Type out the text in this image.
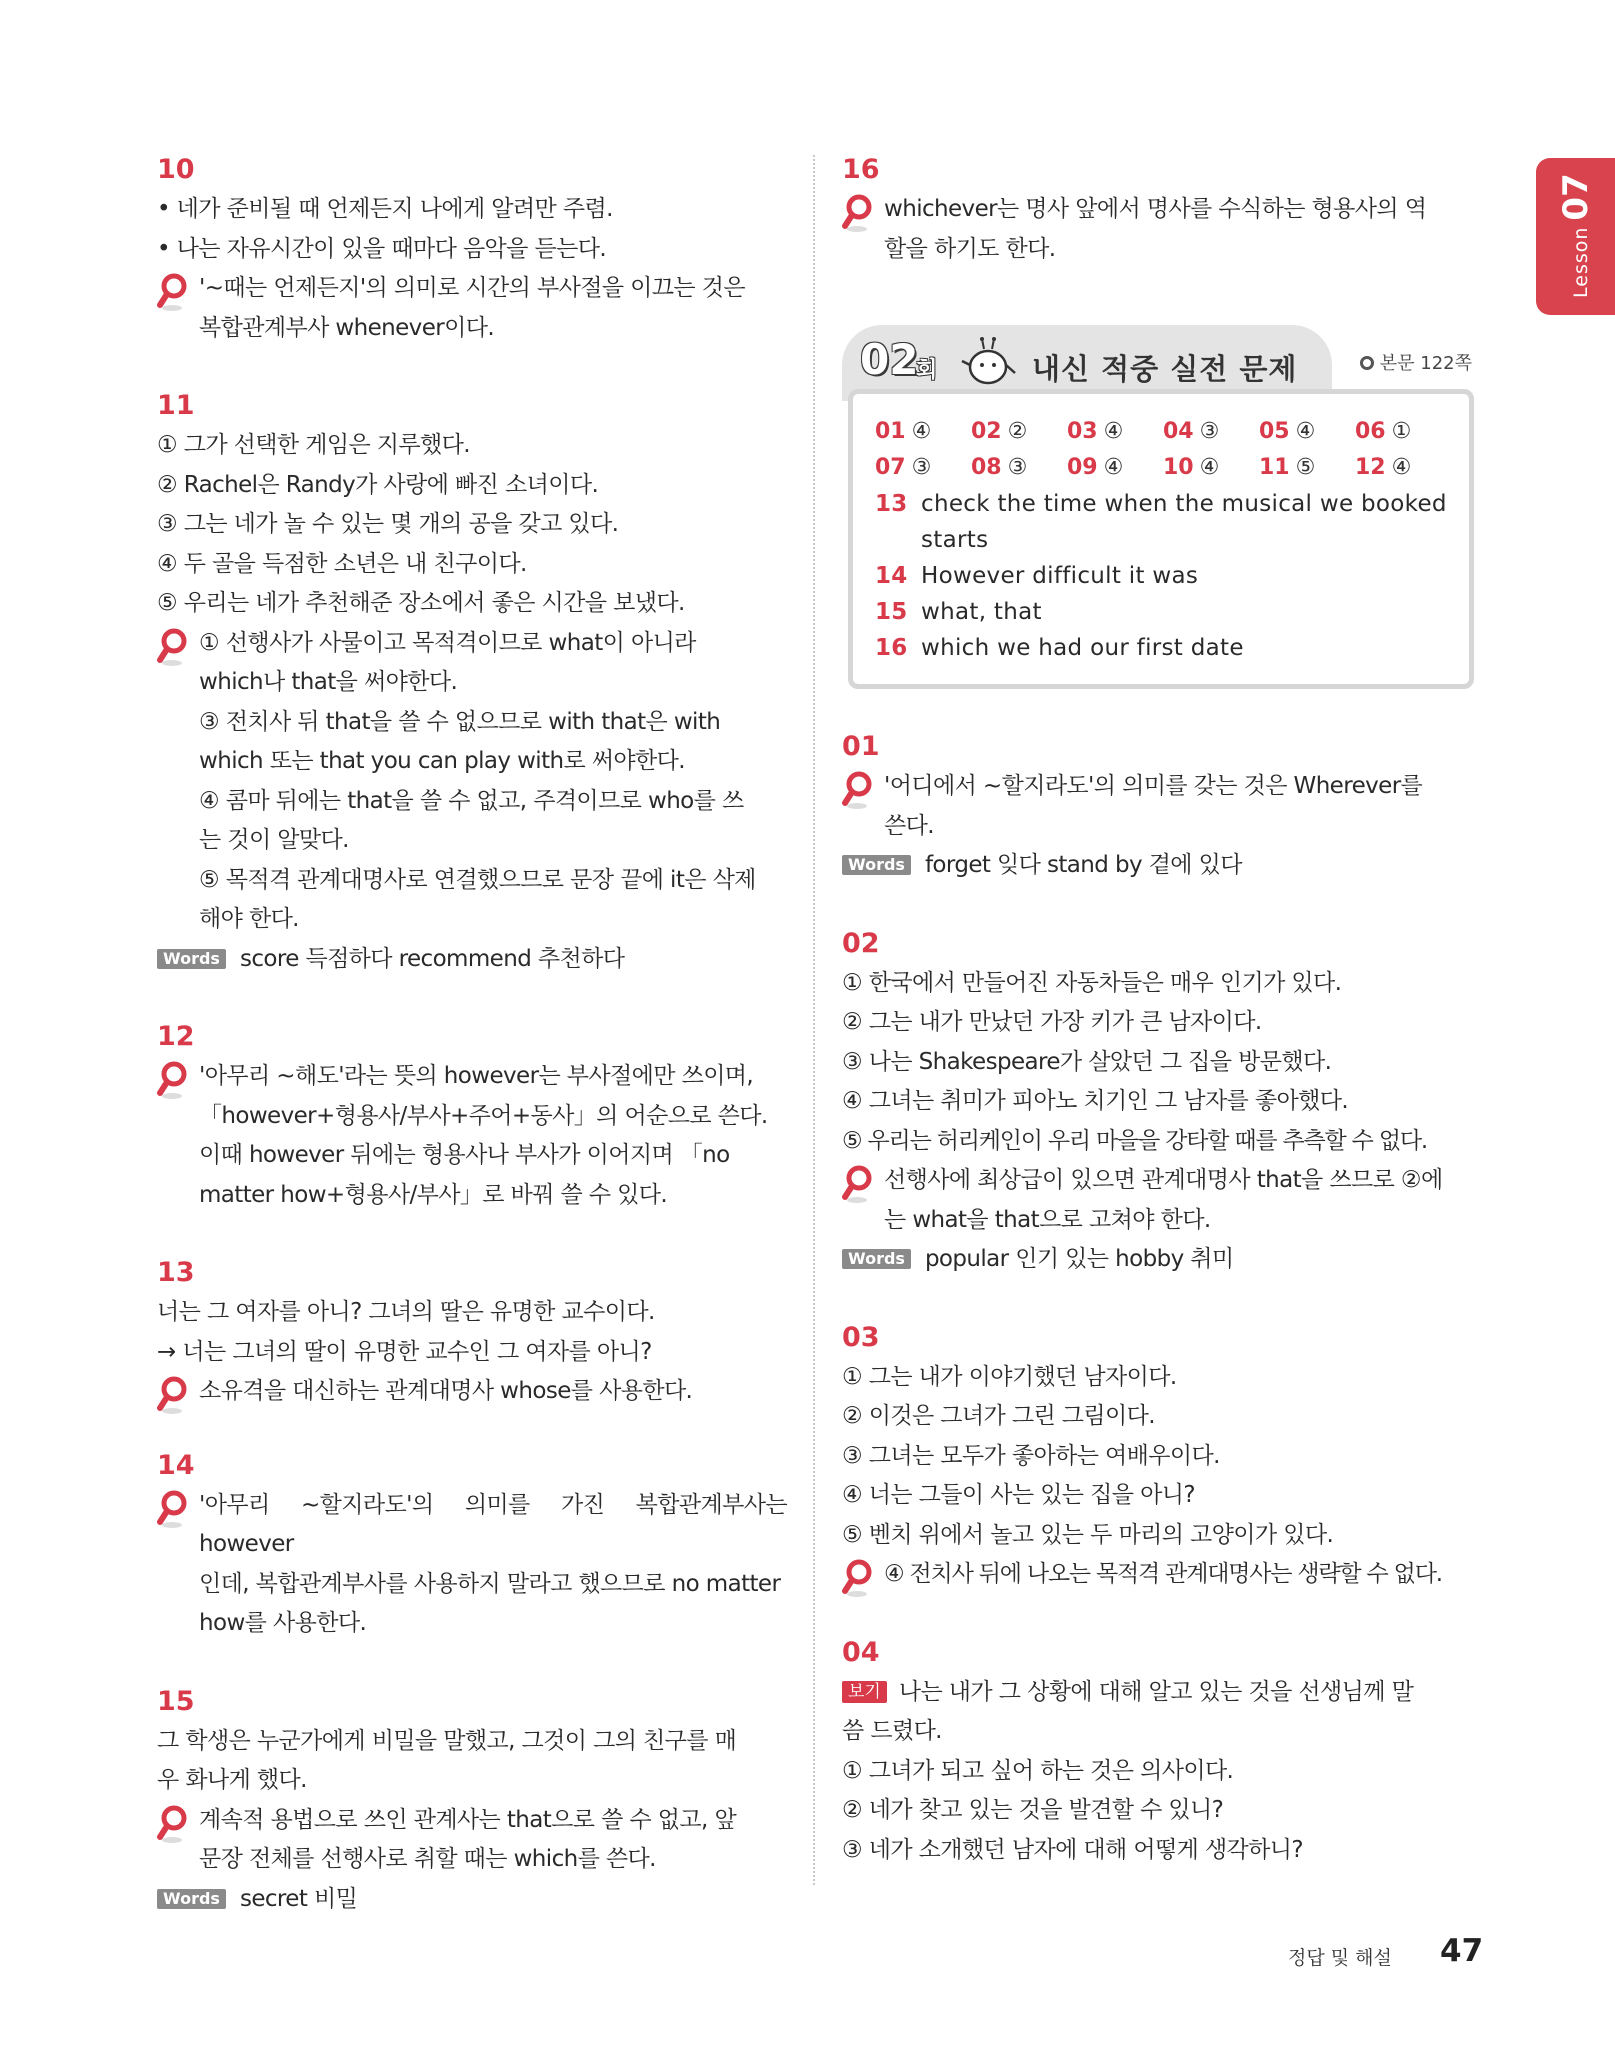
Lesson07
10
• 네가 준비될 때 언제든지 나에게 알려만 주렴.
• 나는 자유시간이 있을 때마다 음악을 듣는다.
'~때는 언제든지'의 의미로 시간의 부사절을 이끄는 것은
복합관계부사 whenever이다.
11
① 그가 선택한 게임은 지루했다.
② Rachel은 Randy가 사랑에 빠진 소녀이다.
③ 그는 네가 놀 수 있는 몇 개의 공을 갖고 있다.
④ 두 골을 득점한 소년은 내 친구이다.
⑤ 우리는 네가 추천해준 장소에서 좋은 시간을 보냈다.
① 선행사가 사물이고 목적격이므로 what이 아니라
which나 that을 써야한다.
③ 전치사 뒤 that을 쓸 수 없으므로 with that은 with
which 또는 that you can play with로 써야한다.
④ 콤마 뒤에는 that을 쓸 수 없고, 주격이므로 who를 쓰
는 것이 알맞다.
⑤ 목적격 관계대명사로 연결했으므로 문장 끝에 it은 삭제
해야 한다.
Words score 득점하다 recommend 추천하다
12
'아무리 ~해도'라는 뜻의 however는 부사절에만 쓰이며,
「however+형용사/부사+주어+동사」의 어순으로 쓴다.
이때 however 뒤에는 형용사나 부사가 이어지며 「no
matter how+형용사/부사」로 바꿔 쓸 수 있다.
13
너는 그 여자를 아니? 그녀의 딸은 유명한 교수이다.
→ 너는 그녀의 딸이 유명한 교수인 그 여자를 아니?
소유격을 대신하는 관계대명사 whose를 사용한다.
14
'아무리 ~할지라도'의 의미를 가진 복합관계부사는 however
인데, 복합관계부사를 사용하지 말라고 했으므로 no matter
how를 사용한다.
15
그 학생은 누군가에게 비밀을 말했고, 그것이 그의 친구를 매
우 화나게 했다.
계속적 용법으로 쓰인 관계사는 that으로 쓸 수 없고, 앞
문장 전체를 선행사로 취할 때는 which를 쓴다.
Words secret 비밀
16
whichever는 명사 앞에서 명사를 수식하는 형용사의 역
할을 하기도 한다.
02
회	내신 적중 실전 문제	본문 122쪽
01 ④	02 ②	03 ④	04 ③	05 ④	06 ①
07 ③	08 ③	09 ④	10 ④	11 ⑤	12 ④
13 check the time when the musical we booked
starts
14 However difficult it was
15 what, that
16 which we had our first date
01
'어디에서 ~할지라도'의 의미를 갖는 것은 Wherever를
쓴다.
Words forget 잊다 stand by 곁에 있다
02
① 한국에서 만들어진 자동차들은 매우 인기가 있다.
② 그는 내가 만났던 가장 키가 큰 남자이다.
③ 나는 Shakespeare가 살았던 그 집을 방문했다.
④ 그녀는 취미가 피아노 치기인 그 남자를 좋아했다.
⑤ 우리는 허리케인이 우리 마을을 강타할 때를 추측할 수 없다.
선행사에 최상급이 있으면 관계대명사 that을 쓰므로 ②에
는 what을 that으로 고쳐야 한다.
Words popular 인기 있는 hobby 취미
03
① 그는 내가 이야기했던 남자이다.
② 이것은 그녀가 그린 그림이다.
③ 그녀는 모두가 좋아하는 여배우이다.
④ 너는 그들이 사는 있는 집을 아니?
⑤ 벤치 위에서 놀고 있는 두 마리의 고양이가 있다.
④ 전치사 뒤에 나오는 목적격 관계대명사는 생략할 수 없다.
04
보기 나는 내가 그 상황에 대해 알고 있는 것을 선생님께 말
씀 드렸다.
① 그녀가 되고 싶어 하는 것은 의사이다.
② 네가 찾고 있는 것을 발견할 수 있니?
③ 네가 소개했던 남자에 대해 어떻게 생각하니?
정답 및 해설 47
